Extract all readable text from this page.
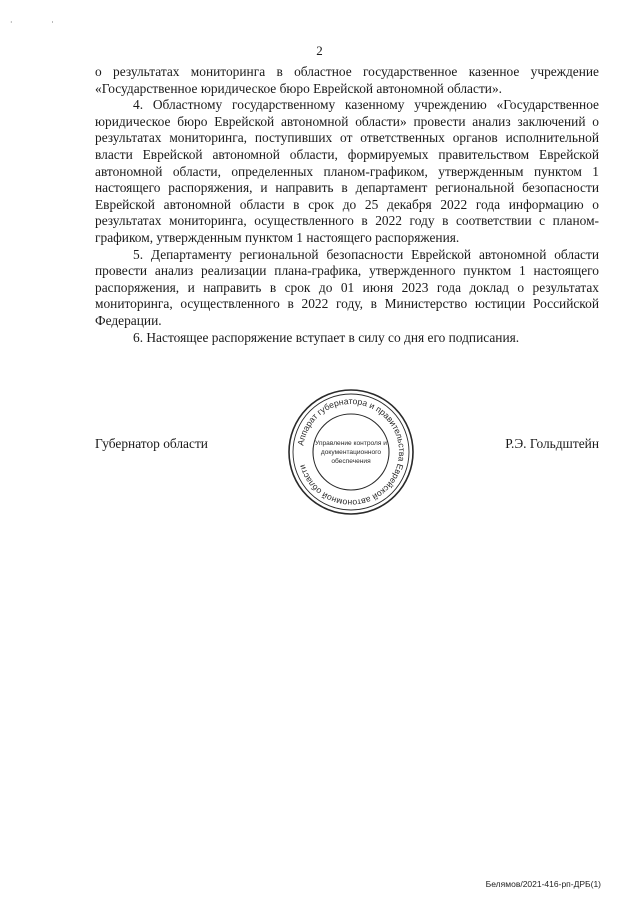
· ·
2

о результатах мониторинга в областное государственное казенное учреждение «Государственное юридическое бюро Еврейской автономной области».

4. Областному государственному казенному учреждению «Государственное юридическое бюро Еврейской автономной области» провести анализ заключений о результатах мониторинга, поступивших от ответственных органов исполнительной власти Еврейской автономной области, формируемых правительством Еврейской автономной области, определенных планом-графиком, утвержденным пунктом 1 настоящего распоряжения, и направить в департамент региональной безопасности Еврейской автономной области в срок до 25 декабря 2022 года информацию о результатах мониторинга, осуществленного в 2022 году в соответствии с планом-графиком, утвержденным пунктом 1 настоящего распоряжения.

5. Департаменту региональной безопасности Еврейской автономной области провести анализ реализации плана-графика, утвержденного пунктом 1 настоящего распоряжения, и направить в срок до 01 июня 2023 года доклад о результатах мониторинга, осуществленного в 2022 году, в Министерство юстиции Российской Федерации.

6. Настоящее распоряжение вступает в силу со дня его подписания.

Губернатор области	Р.Э. Гольдштейн
Аппарат губернатора и правительства Еврейской автономной области
Управление контроля и
документационного
обеспечения
Белямов/2021-416-рп-ДРБ(1)
